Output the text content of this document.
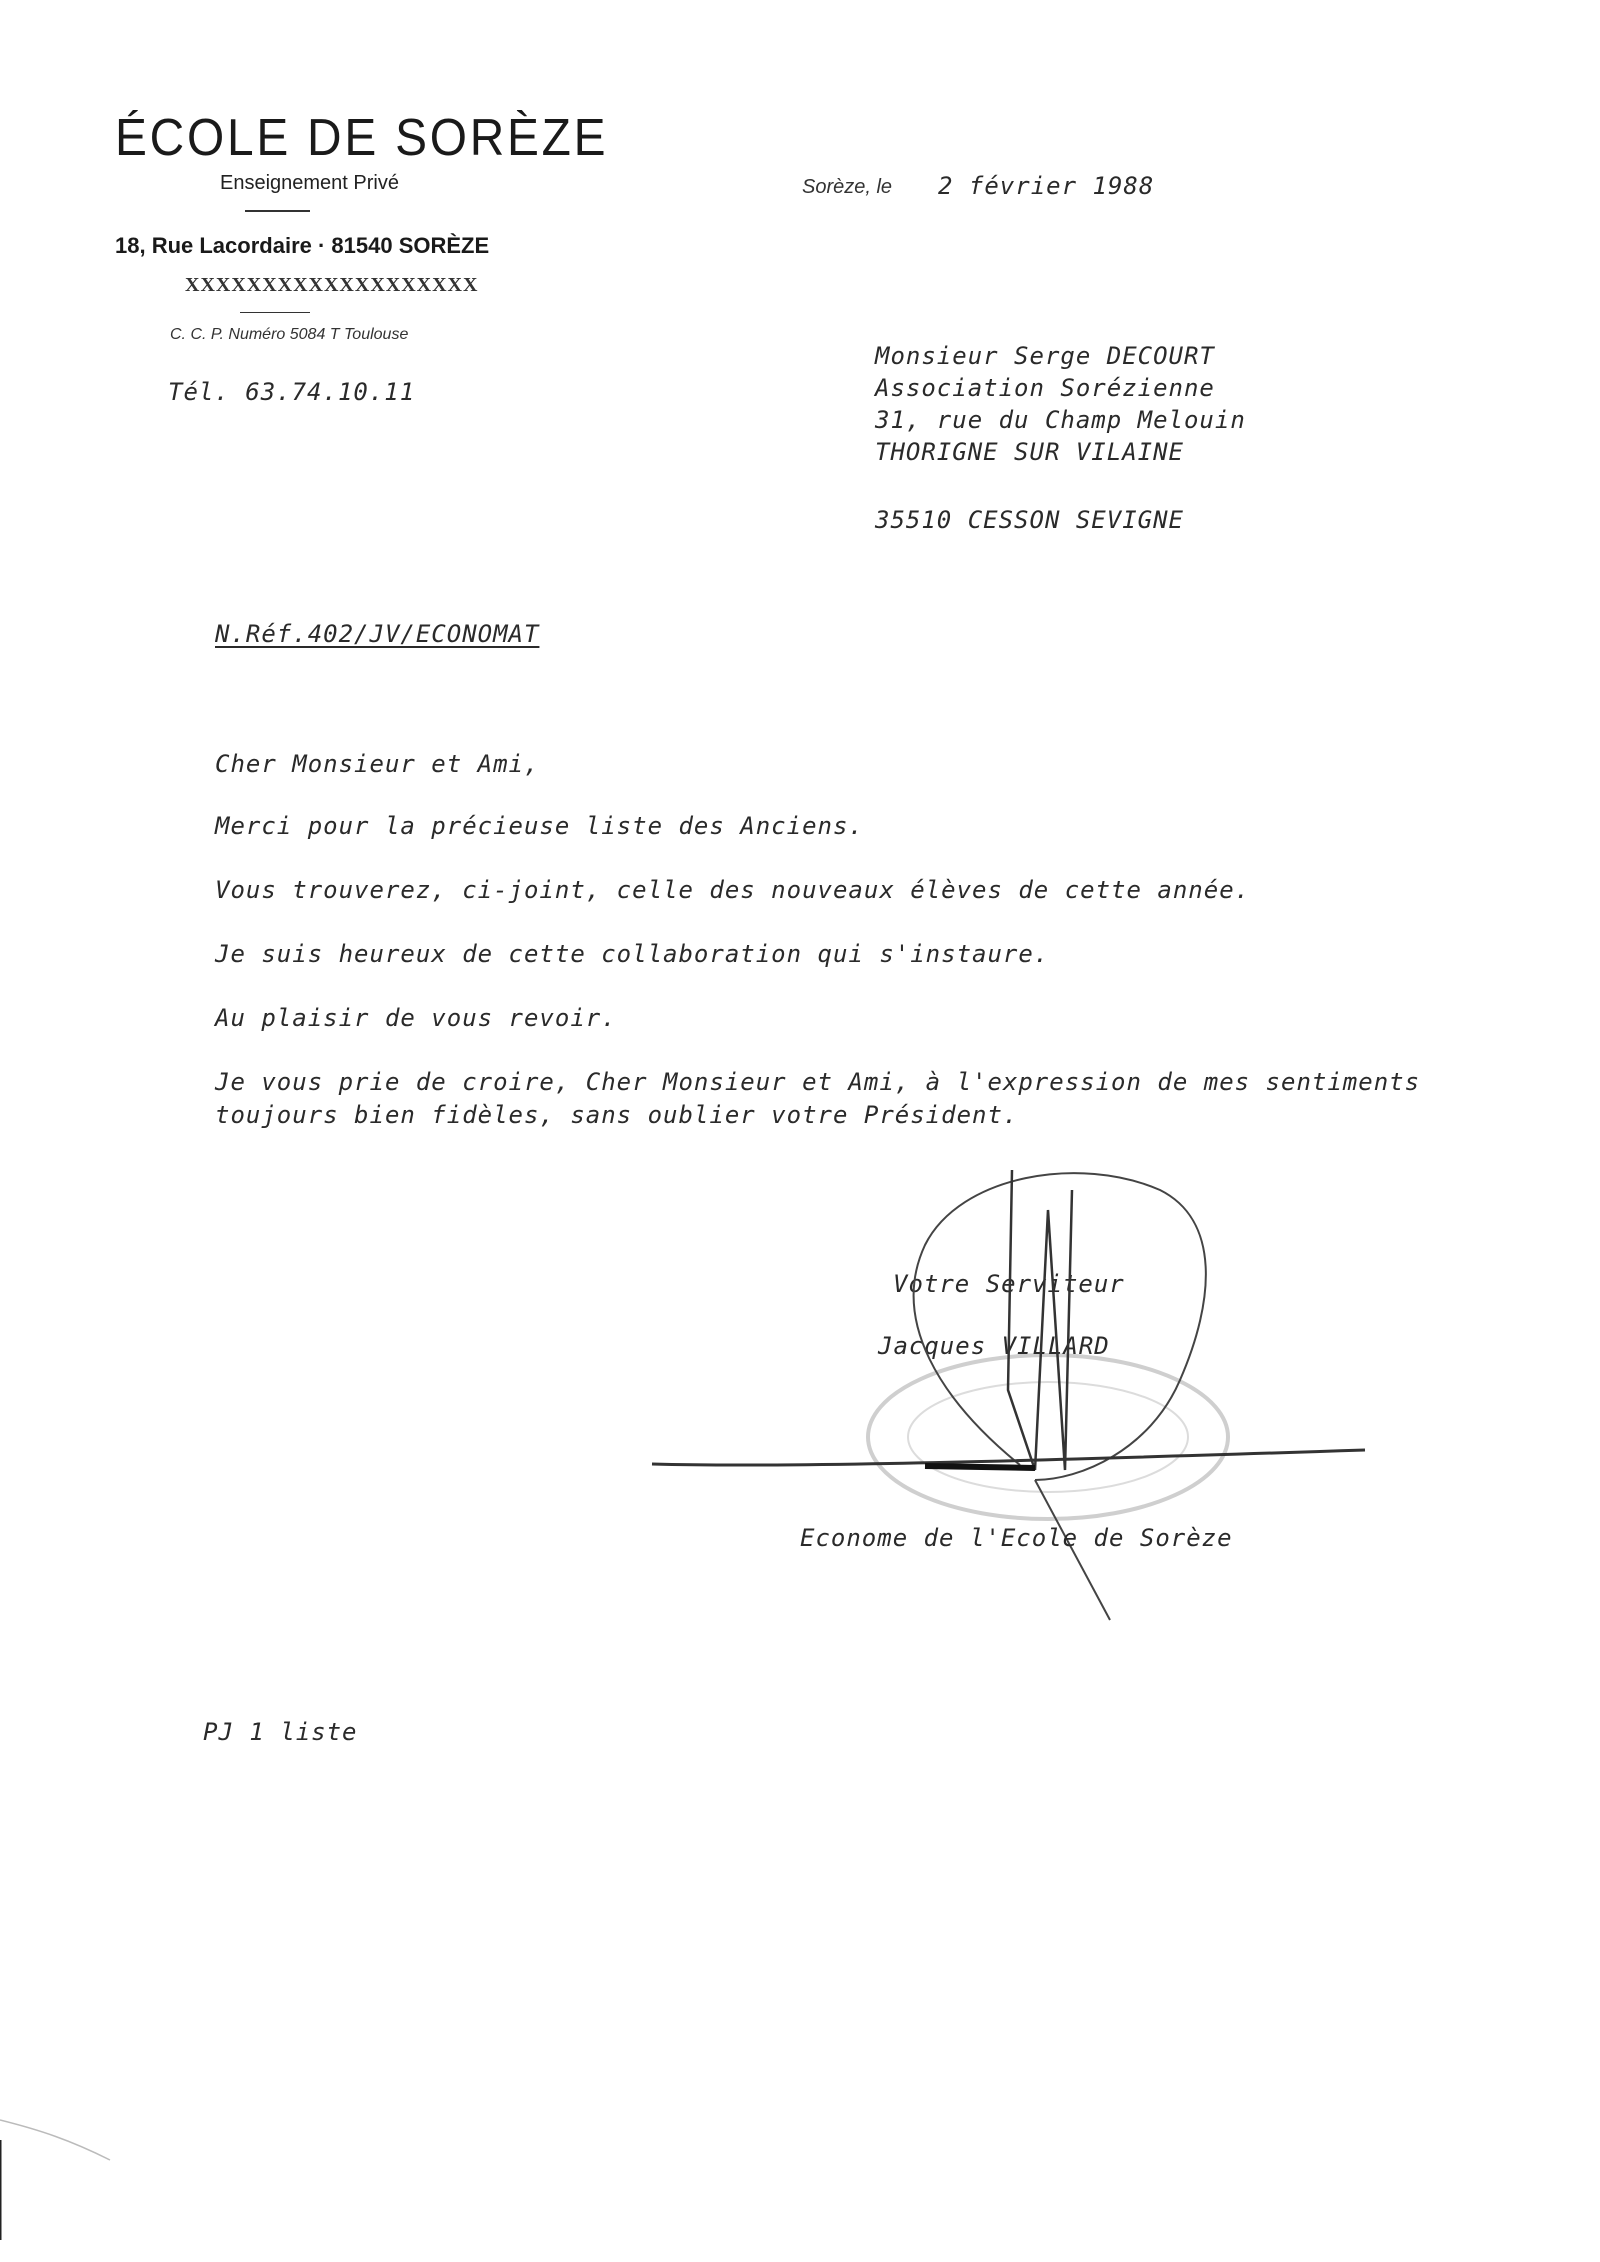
ÉCOLE DE SORÈZE
Enseignement Privé
18, Rue Lacordaire · 81540 SORÈZE
XXXXXXXXXXXXXXXXXXX
C. C. P. Numéro 5084 T Toulouse
Tél. 63.74.10.11
Sorèze, le 2 février 1988
Monsieur Serge DECOURT
Association Sorézienne
31, rue du Champ Melouin
THORIGNE SUR VILAINE
35510 CESSON SEVIGNE
N.Réf.402/JV/ECONOMAT
Cher Monsieur et Ami,
Merci pour la précieuse liste des Anciens.
Vous trouverez, ci-joint, celle des nouveaux élèves de cette année.
Je suis heureux de cette collaboration qui s'instaure.
Au plaisir de vous revoir.
Je vous prie de croire, Cher Monsieur et Ami, à l'expression de mes sentiments
toujours bien fidèles, sans oublier votre Président.
Votre Serviteur
Jacques VILLARD
Econome de l'Ecole de Sorèze
PJ 1 liste
